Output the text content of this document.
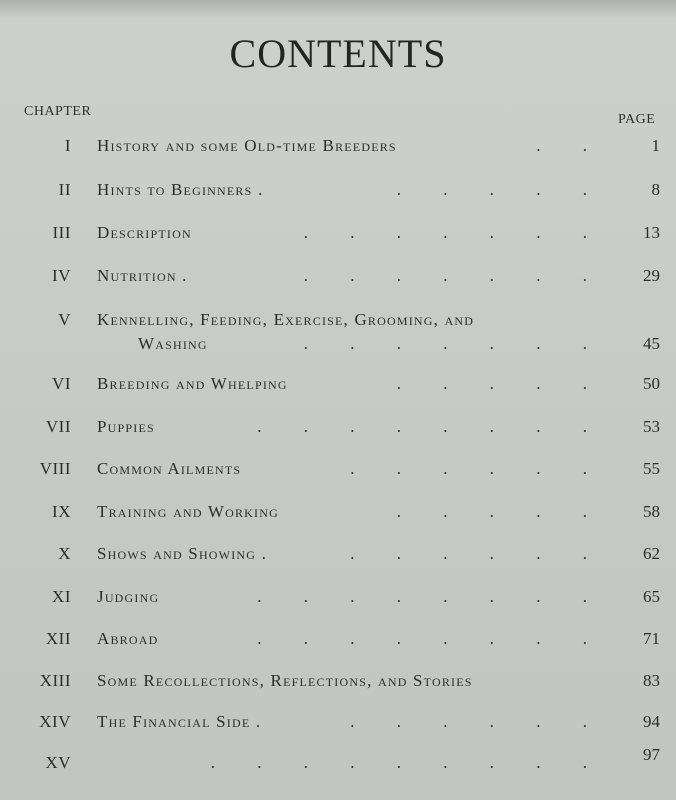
CONTENTS
CHAPTER
PAGE
I History and some Old-time Breeders	. .	1
II Hints to Beginners .	. . . . .	8
III Description	. . . . . . . 13
IV Nutrition .	. . . . . . . 29
V Kennelling, Feeding, Exercise, Grooming, and
Washing	. . . . . . . 45
VI Breeding and Whelping	. . . . . 50
VII Puppies	. . . . . . . . 53
VIII Common Ailments	. . . . . . 55
IX Training and Working	. . . . . 58
X Shows and Showing .	. . . . . . 62
XI Judging	. . . . . . . . 65
XII Abroad	. . . . . . . . 71
XIII Some Recollections, Reflections, and Stories	83
XIV The Financial Side .	. . . . . . 94
XV	. . . . . . . . . 97
